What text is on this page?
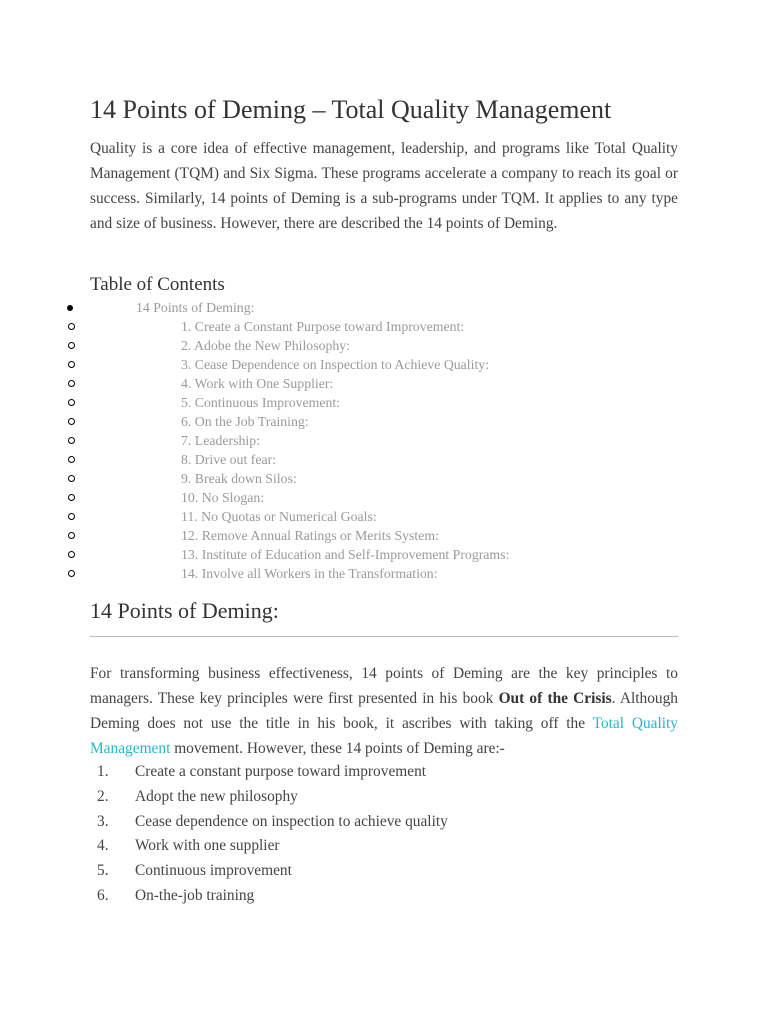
14 Points of Deming – Total Quality Management

Quality is a core idea of effective management, leadership, and programs like Total Quality Management (TQM) and Six Sigma. These programs accelerate a company to reach its goal or success. Similarly, 14 points of Deming is a sub-programs under TQM. It applies to any type and size of business. However, there are described the 14 points of Deming.

Table of Contents
14 Points of Deming:
1. Create a Constant Purpose toward Improvement:
2. Adobe the New Philosophy:
3. Cease Dependence on Inspection to Achieve Quality:
4. Work with One Supplier:
5. Continuous Improvement:
6. On the Job Training:
7. Leadership:
8. Drive out fear:
9. Break down Silos:
10. No Slogan:
11. No Quotas or Numerical Goals:
12. Remove Annual Ratings or Merits System:
13. Institute of Education and Self-Improvement Programs:
14. Involve all Workers in the Transformation:
14 Points of Deming:

For transforming business effectiveness, 14 points of Deming are the key principles to managers. These key principles were first presented in his book Out of the Crisis. Although Deming does not use the title in his book, it ascribes with taking off the Total Quality Management movement. However, these 14 points of Deming are:-

1. Create a constant purpose toward improvement
2. Adopt the new philosophy
3. Cease dependence on inspection to achieve quality
4. Work with one supplier
5. Continuous improvement
6. On-the-job training
